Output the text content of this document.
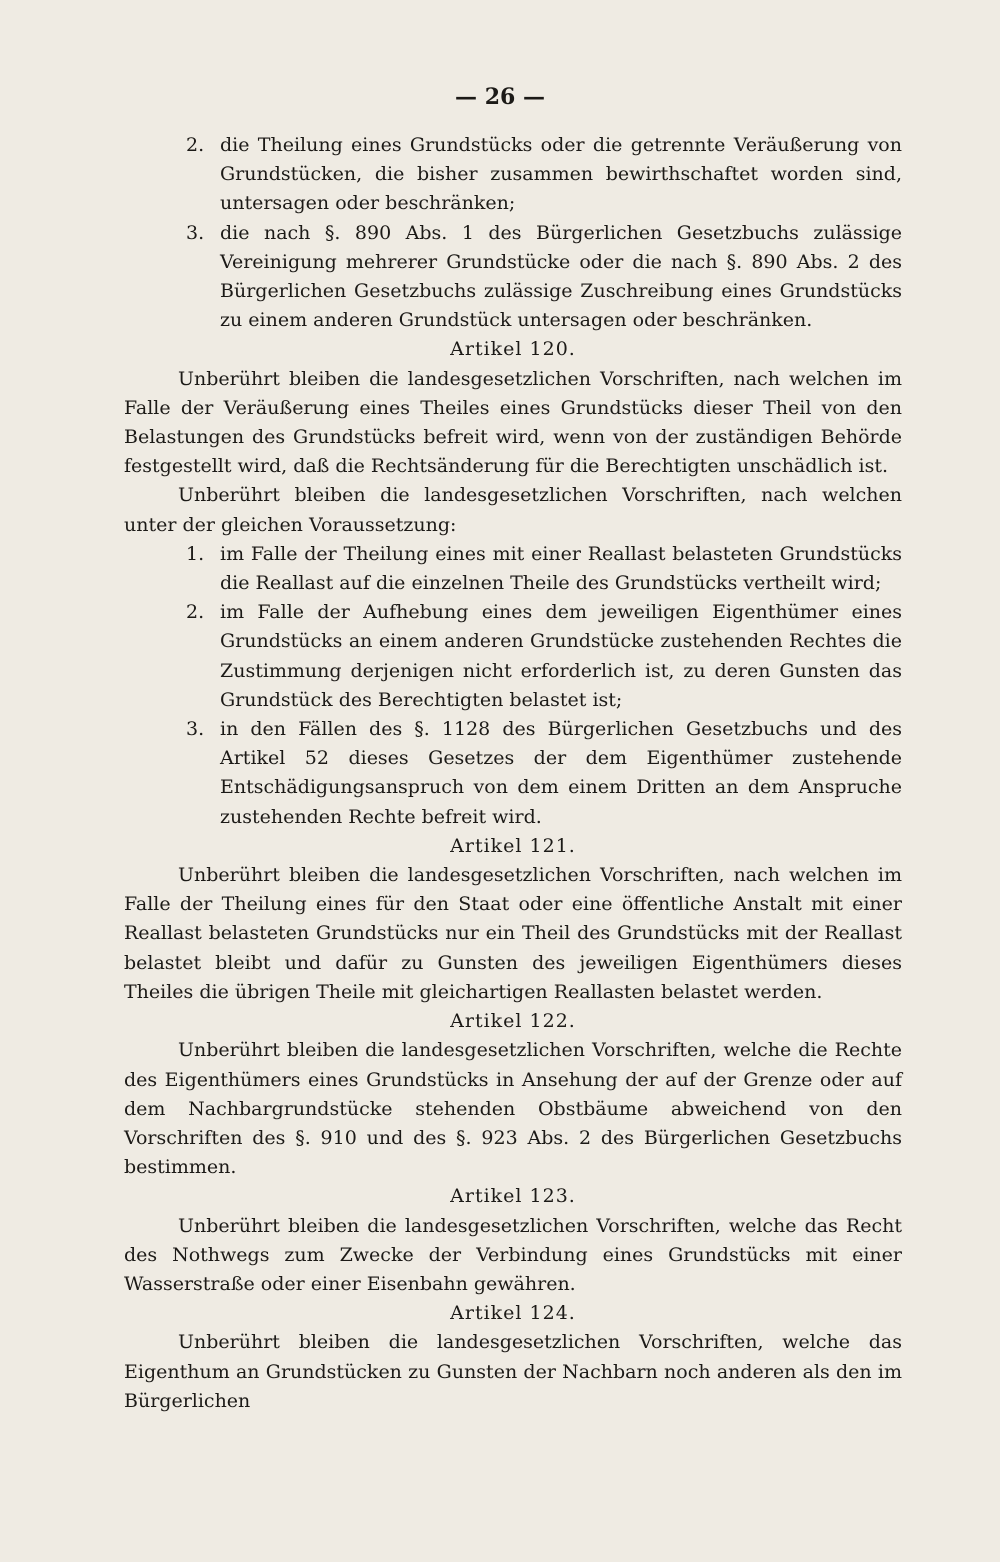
— 26 —

2. die Theilung eines Grundstücks oder die getrennte Veräußerung von Grundstücken, die bisher zusammen bewirthschaftet worden sind, untersagen oder beschränken;

3. die nach §. 890 Abs. 1 des Bürgerlichen Gesetzbuchs zulässige Vereinigung mehrerer Grundstücke oder die nach §. 890 Abs. 2 des Bürgerlichen Gesetzbuchs zulässige Zuschreibung eines Grundstücks zu einem anderen Grundstück untersagen oder beschränken.

Artikel 120.

Unberührt bleiben die landesgesetzlichen Vorschriften, nach welchen im Falle der Veräußerung eines Theiles eines Grundstücks dieser Theil von den Belastungen des Grundstücks befreit wird, wenn von der zuständigen Behörde festgestellt wird, daß die Rechtsänderung für die Berechtigten unschädlich ist.

Unberührt bleiben die landesgesetzlichen Vorschriften, nach welchen unter der gleichen Voraussetzung:

1. im Falle der Theilung eines mit einer Reallast belasteten Grundstücks die Reallast auf die einzelnen Theile des Grundstücks vertheilt wird;

2. im Falle der Aufhebung eines dem jeweiligen Eigenthümer eines Grundstücks an einem anderen Grundstücke zustehenden Rechtes die Zustimmung derjenigen nicht erforderlich ist, zu deren Gunsten das Grundstück des Berechtigten belastet ist;

3. in den Fällen des §. 1128 des Bürgerlichen Gesetzbuchs und des Artikel 52 dieses Gesetzes der dem Eigenthümer zustehende Entschädigungsanspruch von dem einem Dritten an dem Anspruche zustehenden Rechte befreit wird.

Artikel 121.

Unberührt bleiben die landesgesetzlichen Vorschriften, nach welchen im Falle der Theilung eines für den Staat oder eine öffentliche Anstalt mit einer Reallast belasteten Grundstücks nur ein Theil des Grundstücks mit der Reallast belastet bleibt und dafür zu Gunsten des jeweiligen Eigenthümers dieses Theiles die übrigen Theile mit gleichartigen Reallasten belastet werden.

Artikel 122.

Unberührt bleiben die landesgesetzlichen Vorschriften, welche die Rechte des Eigenthümers eines Grundstücks in Ansehung der auf der Grenze oder auf dem Nachbargrundstücke stehenden Obstbäume abweichend von den Vorschriften des §. 910 und des §. 923 Abs. 2 des Bürgerlichen Gesetzbuchs bestimmen.

Artikel 123.

Unberührt bleiben die landesgesetzlichen Vorschriften, welche das Recht des Nothwegs zum Zwecke der Verbindung eines Grundstücks mit einer Wasserstraße oder einer Eisenbahn gewähren.

Artikel 124.

Unberührt bleiben die landesgesetzlichen Vorschriften, welche das Eigenthum an Grundstücken zu Gunsten der Nachbarn noch anderen als den im Bürgerlichen
